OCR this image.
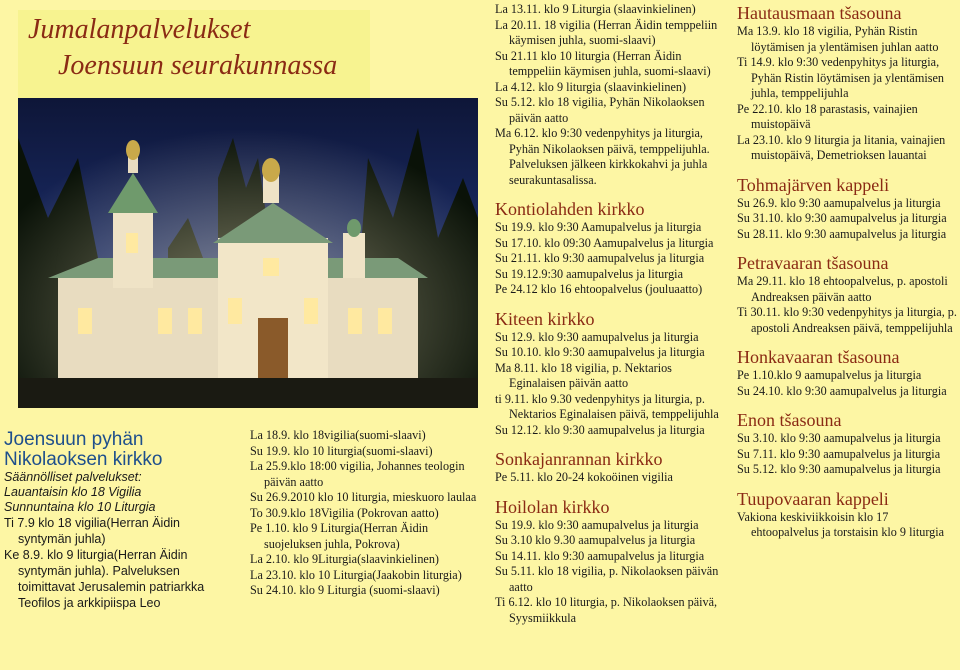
Jumalanpalvelukset
Joensuun seurakunnassa
Joensuun pyhän
Nikolaoksen kirkko
Säännölliset palvelukset:
Lauantaisin klo 18 Vigilia
Sunnuntaina klo 10 Liturgia
Ti 7.9 klo 18 vigilia(Herran Äidin syntymän juhla)
Ke 8.9. klo 9 liturgia(Herran Äidin syntymän juhla). Palveluksen toimittavat Jerusalemin patriarkka Teofilos ja arkkipiispa Leo
La 18.9. klo 18vigilia(suomi-slaavi)
Su 19.9. klo 10 liturgia(suomi-slaavi)
La 25.9.klo 18:00 vigilia, Johannes teologin päivän aatto
Su 26.9.2010 klo 10 liturgia, mieskuoro laulaa
To 30.9.klo 18Vigilia (Pokrovan aatto)
Pe 1.10. klo 9 Liturgia(Herran Äidin suojeluksen juhla, Pokrova)
La 2.10. klo 9Liturgia(slaavinkielinen)
La 23.10. klo 10 Liturgia(Jaakobin liturgia)
Su 24.10. klo 9 Liturgia (suomi-slaavi)
La 13.11. klo 9 Liturgia (slaavinkielinen)
La 20.11. 18 vigilia (Herran Äidin temppeliin käymisen juhla, suomi-slaavi)
Su 21.11 klo 10 liturgia (Herran Äidin temppeliin käymisen juhla, suomi-slaavi)
La 4.12. klo 9 liturgia (slaavinkielinen)
Su 5.12. klo 18 vigilia, Pyhän Nikolaoksen päivän aatto
Ma 6.12. klo 9:30 vedenpyhitys ja liturgia, Pyhän Nikolaoksen päivä, temppelijuhla. Palveluksen jälkeen kirkkokahvi ja juhla seurakuntasalissa.
Kontiolahden kirkko
Su 19.9. klo 9:30 Aamupalvelus ja liturgia
Su 17.10. klo 09:30 Aamupalvelus ja liturgia
Su 21.11. klo 9:30 aamupalvelus ja liturgia
Su 19.12.9:30 aamupalvelus ja liturgia
Pe 24.12 klo 16 ehtoopalvelus (jouluaatto)
Kiteen kirkko
Su 12.9. klo 9:30 aamupalvelus ja liturgia
Su 10.10. klo 9:30 aamupalvelus ja liturgia
Ma 8.11. klo 18 vigilia, p. Nektarios Eginalaisen päivän aatto
ti 9.11. klo 9.30 vedenpyhitys ja liturgia, p. Nektarios Eginalaisen päivä, temppelijuhla
Su 12.12. klo 9:30 aamupalvelus ja liturgia
Sonkajanrannan kirkko
Pe 5.11. klo 20-24 kokoöinen vigilia
Hoilolan kirkko
Su 19.9. klo 9:30 aamupalvelus ja liturgia
Su 3.10 klo 9.30 aamupalvelus ja liturgia
Su 14.11. klo 9:30 aamupalvelus ja liturgia
Su 5.11. klo 18 vigilia, p. Nikolaoksen päivän aatto
Ti 6.12. klo 10 liturgia, p. Nikolaoksen päivä, Syysmiikkula
Hautausmaan tšasouna
Ma 13.9. klo 18 vigilia, Pyhän Ristin löytämisen ja ylentämisen juhlan aatto
Ti 14.9. klo 9:30 vedenpyhitys ja liturgia, Pyhän Ristin löytämisen ja ylentämisen juhla, temppelijuhla
Pe 22.10. klo 18 parastasis, vainajien muistopäivä
La 23.10. klo 9 liturgia ja litania, vainajien muistopäivä, Demetrioksen lauantai
Tohmajärven kappeli
Su 26.9. klo 9:30 aamupalvelus ja liturgia
Su 31.10. klo 9:30 aamupalvelus ja liturgia
Su 28.11. klo 9:30 aamupalvelus ja liturgia
Petravaaran tšasouna
Ma 29.11. klo 18 ehtoopalvelus, p. apostoli Andreaksen päivän aatto
Ti 30.11. klo 9:30 vedenpyhitys ja liturgia, p. apostoli Andreaksen päivä, temppelijuhla
Honkavaaran tšasouna
Pe 1.10.klo 9 aamupalvelus ja liturgia
Su 24.10. klo 9:30 aamupalvelus ja liturgia
Enon tšasouna
Su 3.10. klo 9:30 aamupalvelus ja liturgia
Su 7.11. klo 9:30 aamupalvelus ja liturgia
Su 5.12. klo 9:30 aamupalvelus ja liturgia
Tuupovaaran kappeli
Vakiona keskiviikkoisin klo 17 ehtoopalvelus ja torstaisin klo 9 liturgia
